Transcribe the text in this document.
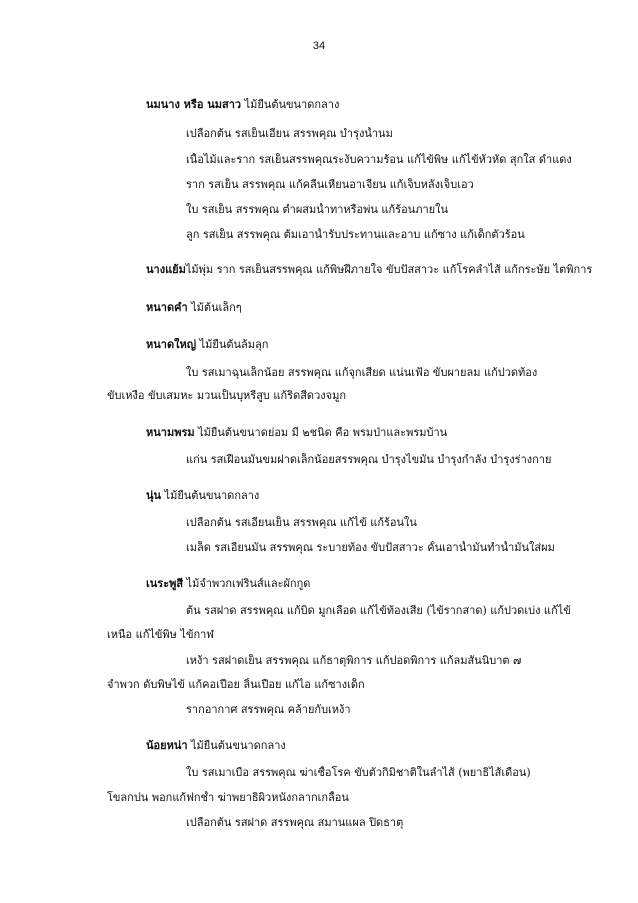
34
นมนาง หรือ นมสาว ไม้ยืนต้นขนาดกลาง
เปลือกต้น รสเย็นเอียน สรรพคุณ บำรุงน้ำนม
เนื้อไม้และราก รสเย็นสรรพคุณระงับความร้อน แก้ไข้พิษ แก้ไข้หัวหัด สุกใส ดำแดง
ราก รสเย็น สรรพคุณ แก้คลื่นเหียนอาเจียน แก้เจ็บหลังเจ็บเอว
ใบ รสเย็น สรรพคุณ ตำผสมน้ำทาหรือพ่น แก้ร้อนภายใน
ลูก รสเย็น สรรพคุณ ต้มเอาน้ำรับประทานและอาบ แก้ซาง แก้เด็กตัวร้อน
นางแย้มไม้พุ่ม ราก รสเย็นสรรพคุณ แก้พิษฝีภายใจ ขับปัสสาวะ แก้โรคลำไส้ แก้กระษัย ไตพิการ
หนาดคำ ไม้ต้นเล็กๆ
หนาดใหญ่ ไม้ยืนต้นล้มลุก
ใบ รสเมาฉุนเล็กน้อย สรรพคุณ แก้จุกเสียด แน่นเฟ้อ ขับผายลม แก้ปวดท้อง
ขับเหงื่อ ขับเสมหะ มวนเป็นบุหรี่สูบ แก้ริดสีดวงจมูก
หนามพรม ไม้ยืนต้นขนาดย่อม มี ๒ชนิด คือ พรมป่าและพรมบ้าน
แก่น รสเฝื่อนมันขมฝาดเล็กน้อยสรรพคุณ บำรุงไขมัน บำรุงกำลัง บำรุงร่างกาย
นุ่น ไม้ยืนต้นขนาดกลาง
เปลือกต้น รสเอียนเย็น สรรพคุณ แก้ไข้ แก้ร้อนใน
เมล็ด รสเอียนมัน สรรพคุณ ระบายท้อง ขับปัสสาวะ คั้นเอาน้ำมันทำน้ำมันใส่ผม
เนระพูสี ไม้จำพวกเฟรินส์และผักกูด
ต้น รสฝาด สรรพคุณ แก้บิด มูกเลือด แก้ไข้ท้องเสีย (ไข้รากสาด) แก้ปวดเบ่ง แก้ไข้
เหนือ แก้ไข้พิษ ไข้กาฬ
เหง้า รสฝาดเย็น สรรพคุณ แก้ธาตุพิการ แก้ปอดพิการ แก้ลมสันนิบาต ๗
จำพวก ดับพิษไข้ แก้คอเปื่อย ลิ้นเปื่อย แก้ไอ แก้ซางเด็ก
รากอากาศ สรรพคุณ คล้ายกับเหง้า
น้อยหน่า ไม้ยืนต้นขนาดกลาง
ใบ รสเมาเบื่อ สรรพคุณ ฆ่าเชื้อโรค ขับตัวกิมิชาติในลำไส้ (พยาธิไส้เดือน)
โขลกปน พอกแก้ฟกช้ำ ฆ่าพยาธิผิวหนังกลากเกลื้อน
เปลือกต้น รสฝาด สรรพคุณ สมานแผล ปิดธาตุ
